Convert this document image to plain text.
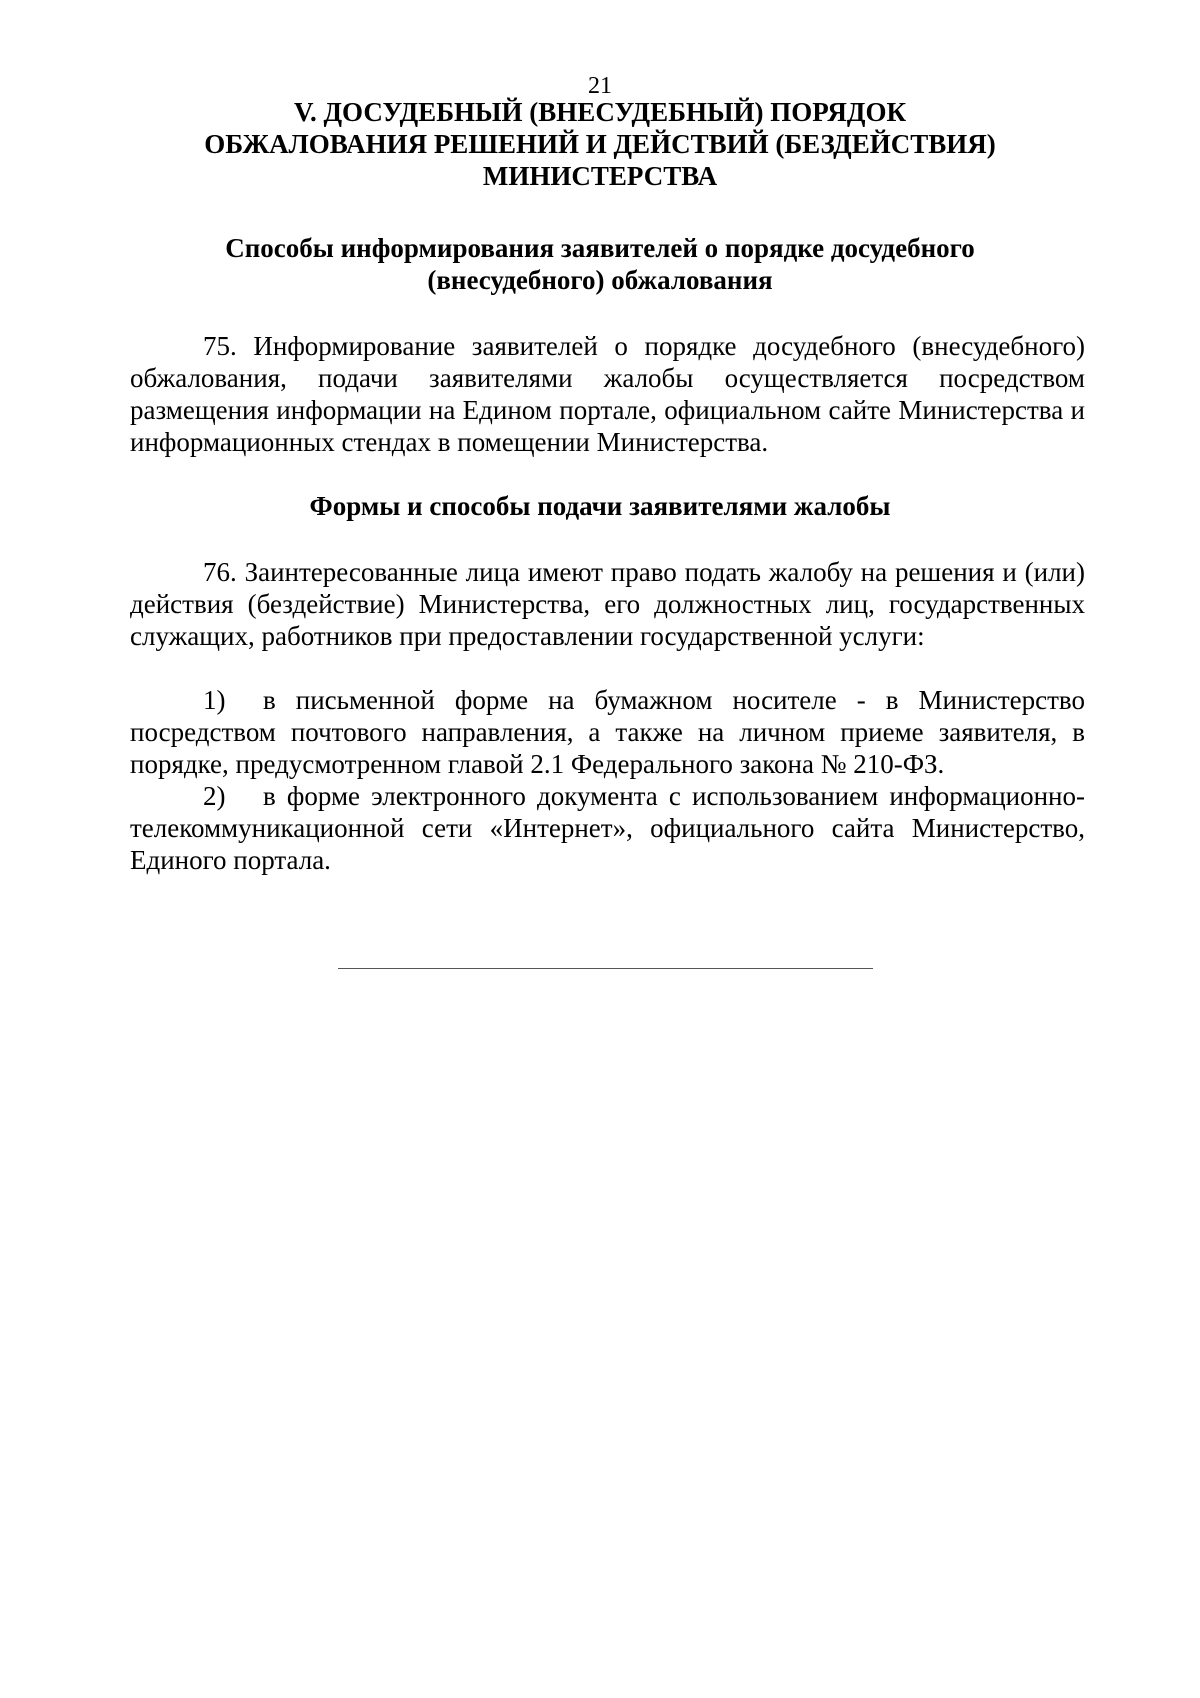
21
V. ДОСУДЕБНЫЙ (ВНЕСУДЕБНЫЙ) ПОРЯДОК
ОБЖАЛОВАНИЯ РЕШЕНИЙ И ДЕЙСТВИЙ (БЕЗДЕЙСТВИЯ)
МИНИСТЕРСТВА
Способы информирования заявителей о порядке досудебного
(внесудебного) обжалования

75. Информирование заявителей о порядке досудебного (внесудебного) обжалования, подачи заявителями жалобы осуществляется посредством размещения информации на Едином портале, официальном сайте Министерства и информационных стендах в помещении Министерства.

Формы и способы подачи заявителями жалобы

76. Заинтересованные лица имеют право подать жалобу на решения и (или) действия (бездействие) Министерства, его должностных лиц, государственных служащих, работников при предоставлении государственной услуги:

1) в письменной форме на бумажном носителе - в Министерство посредством почтового направления, а также на личном приеме заявителя, в порядке, предусмотренном главой 2.1 Федерального закона № 210-ФЗ.

2) в форме электронного документа с использованием информационно-телекоммуникационной сети «Интернет», официального сайта Министерство, Единого портала.
